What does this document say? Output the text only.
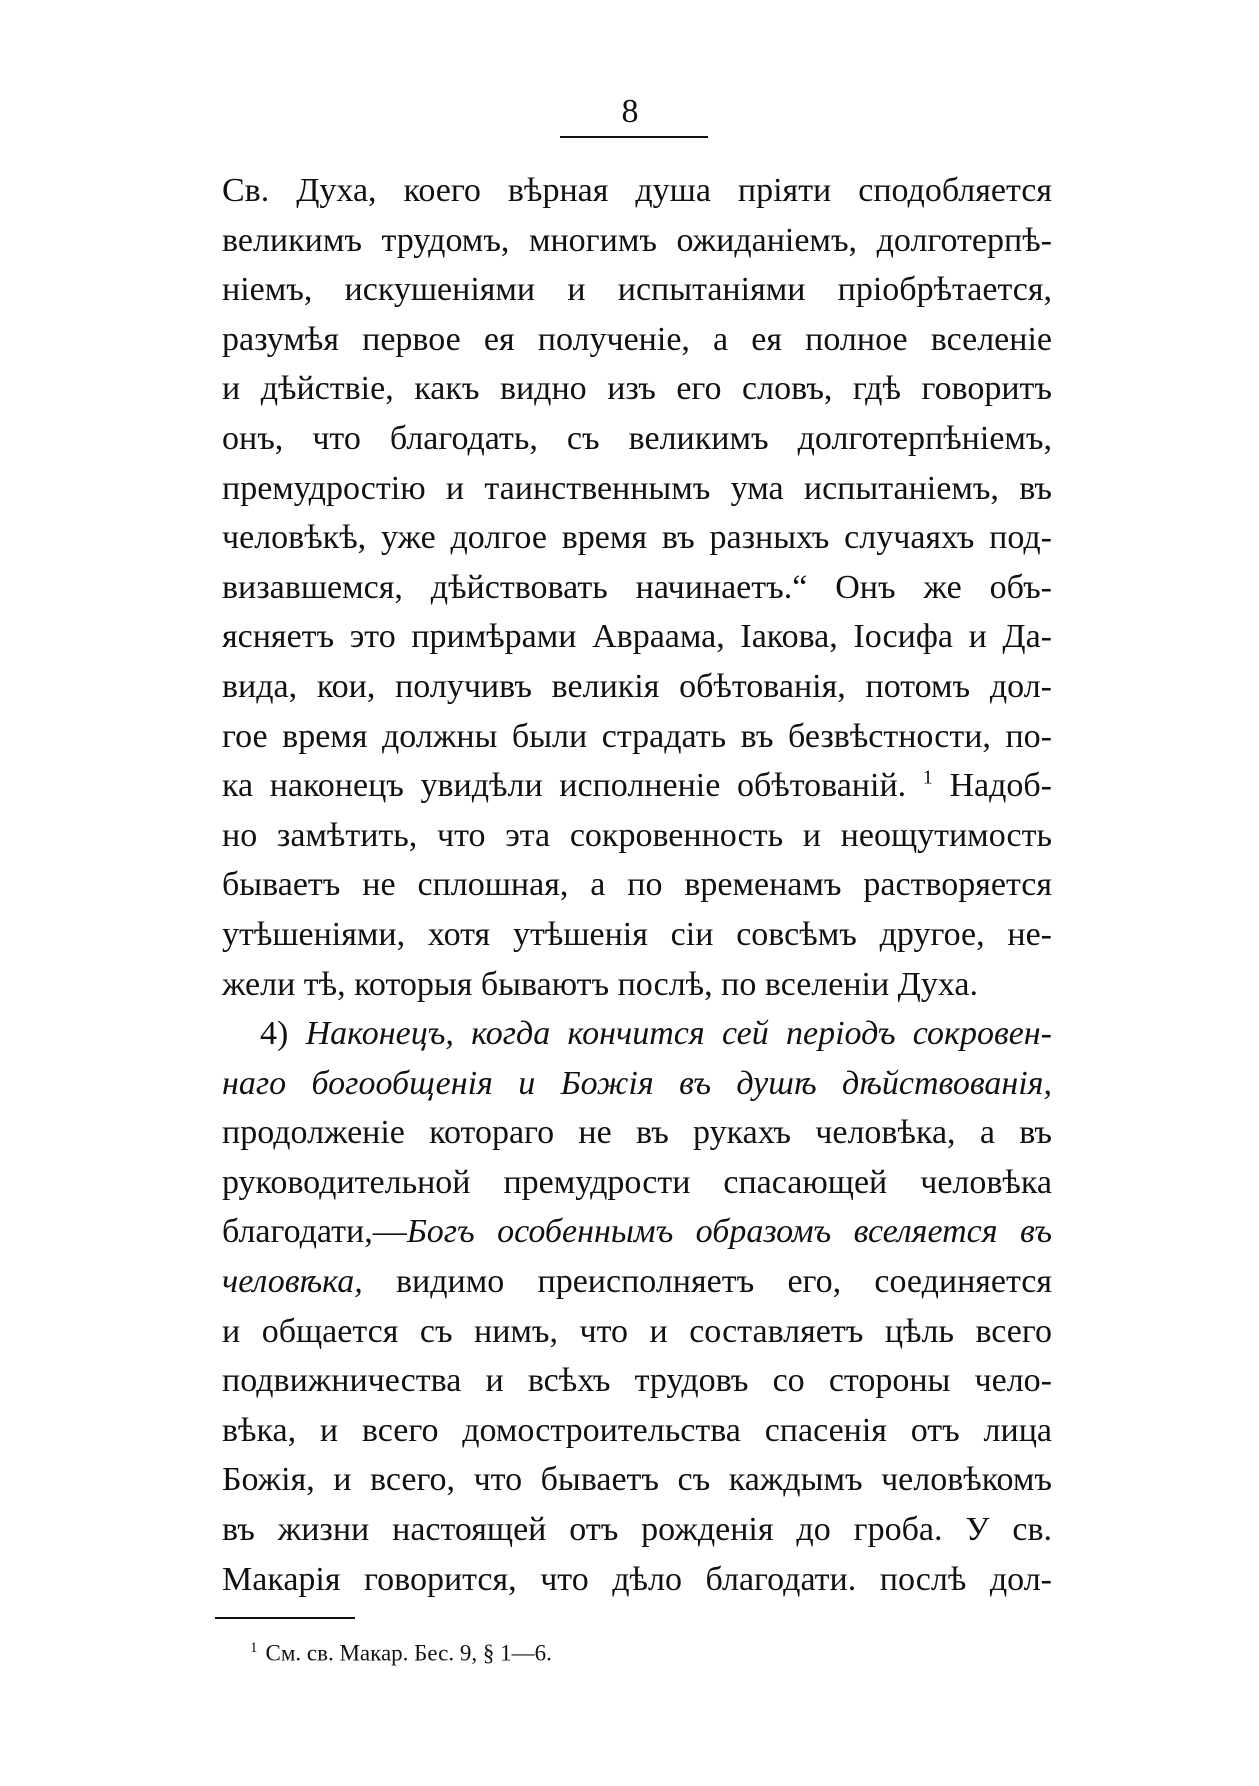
8
Св. Духа, коего вѣрная душа пріяти сподобляется
великимъ трудомъ, многимъ ожиданіемъ, долготерпѣ-
ніемъ, искушеніями и испытаніями пріобрѣтается,
разумѣя первое ея полученіе, а ея полное вселеніе
и дѣйствіе, какъ видно изъ его словъ, гдѣ говоритъ
онъ, что благодать, съ великимъ долготерпѣніемъ,
премудростію и таинственнымъ ума испытаніемъ, въ
человѣкѣ, уже долгое время въ разныхъ случаяхъ под-
визавшемся, дѣйствовать начинаетъ.“ Онъ же объ-
ясняетъ это примѣрами Авраама, Іакова, Іосифа и Да-
вида, кои, получивъ великія обѣтованія, потомъ дол-
гое время должны были страдать въ безвѣстности, по-
ка наконецъ увидѣли исполненіе обѣтованій. $^1$ Надоб-
но замѣтить, что эта сокровенность и неощутимость
бываетъ не сплошная, а по временамъ растворяется
утѣшеніями, хотя утѣшенія сіи совсѣмъ другое, не-
жели тѣ, которыя бываютъ послѣ, по вселеніи Духа.
4) Наконецъ, когда кончится сей періодъ сокровен-
наго богообщенія и Божія въ душѣ дѣйствованія,
продолженіе котораго не въ рукахъ человѣка, а въ
руководительной премудрости спасающей человѣка
благодати,—Богъ особеннымъ образомъ вселяется въ
человѣка, видимо преисполняетъ его, соединяется
и общается съ нимъ, что и составляетъ цѣль всего
подвижничества и всѣхъ трудовъ со стороны чело-
вѣка, и всего домостроительства спасенія отъ лица
Божія, и всего, что бываетъ съ каждымъ человѣкомъ
въ жизни настоящей отъ рожденія до гроба. У св.
Макарія говорится, что дѣло благодати. послѣ дол-
$^1$ См. св. Макар. Бес. 9, § 1—6.
